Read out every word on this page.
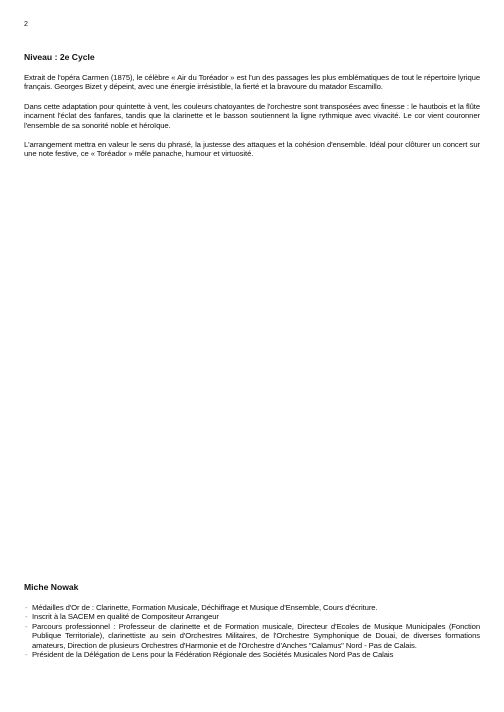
2
Niveau : 2e Cycle

Extrait de l'opéra Carmen (1875), le célèbre « Air du Toréador » est l'un des passages les plus emblématiques de tout le répertoire lyrique français. Georges Bizet y dépeint, avec une énergie irrésistible, la fierté et la bravoure du matador Escamillo.

Dans cette adaptation pour quintette à vent, les couleurs chatoyantes de l'orchestre sont transposées avec finesse : le hautbois et la flûte incarnent l'éclat des fanfares, tandis que la clarinette et le basson soutiennent la ligne rythmique avec vivacité. Le cor vient couronner l'ensemble de sa sonorité noble et héroïque.

L'arrangement mettra en valeur le sens du phrasé, la justesse des attaques et la cohésion d'ensemble. Idéal pour clôturer un concert sur une note festive, ce « Toréador » mêle panache, humour et virtuosité.

Miche Nowak
- Médailles d'Or de : Clarinette, Formation Musicale, Déchiffrage et Musique d'Ensemble, Cours d'écriture.
- Inscrit à la SACEM en qualité de Compositeur Arrangeur
- Parcours professionnel : Professeur de clarinette et de Formation musicale, Directeur d'Ecoles de Musique Municipales (Fonction Publique Territoriale), clarinettiste au sein d'Orchestres Militaires, de l'Orchestre Symphonique de Douai, de diverses formations amateurs, Direction de plusieurs Orchestres d'Harmonie et de l'Orchestre d'Anches "Calamus" Nord - Pas de Calais.
- Président de la Délégation de Lens pour la Fédération Régionale des Sociétés Musicales Nord Pas de Calais
